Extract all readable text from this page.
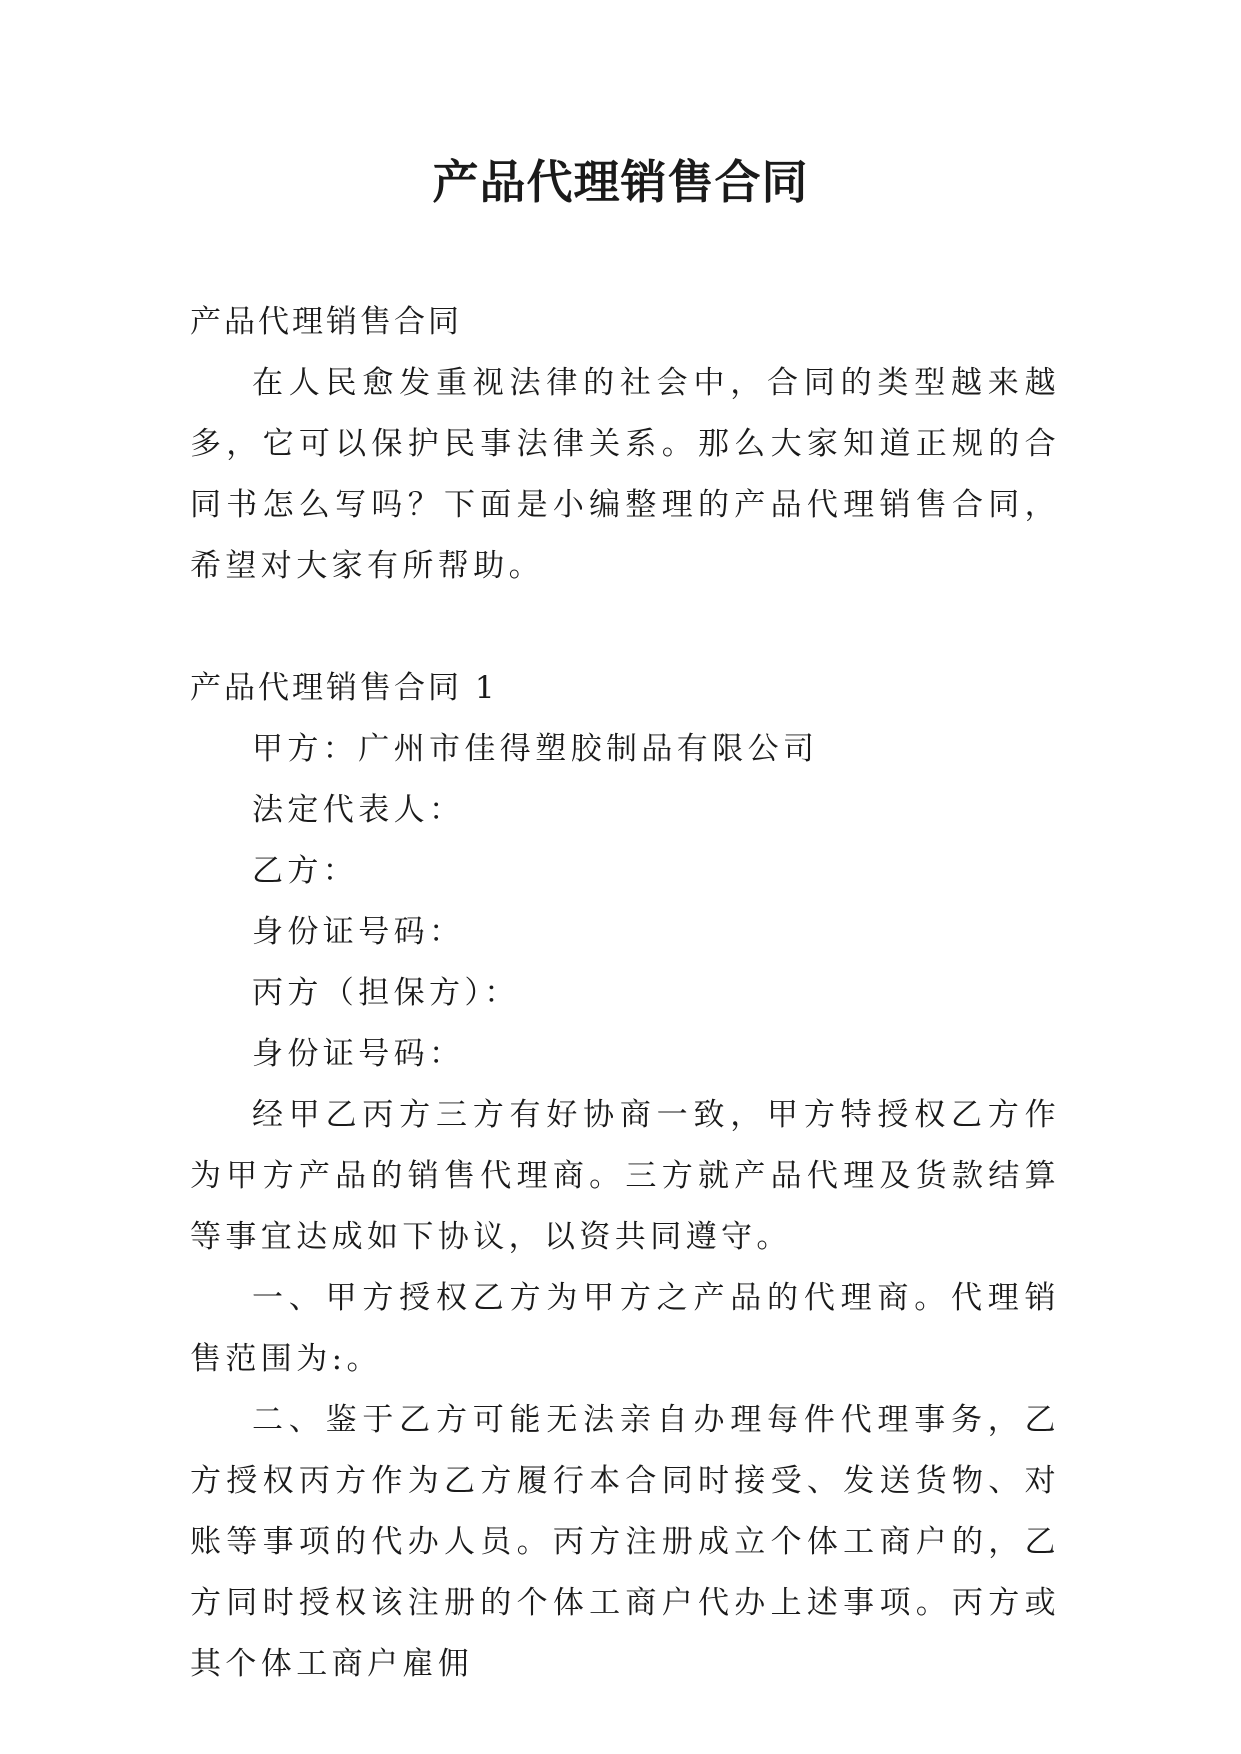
产品代理销售合同

产品代理销售合同

在人民愈发重视法律的社会中，合同的类型越来越多，它可以保护民事法律关系。那么大家知道正规的合同书怎么写吗？下面是小编整理的产品代理销售合同，希望对大家有所帮助。

产品代理销售合同 1

甲方：广州市佳得塑胶制品有限公司

法定代表人：

乙方：

身份证号码：

丙方（担保方）：

身份证号码：

经甲乙丙方三方有好协商一致，甲方特授权乙方作为甲方产品的销售代理商。三方就产品代理及货款结算等事宜达成如下协议，以资共同遵守。

一、甲方授权乙方为甲方之产品的代理商。代理销售范围为:。

二、鉴于乙方可能无法亲自办理每件代理事务，乙方授权丙方作为乙方履行本合同时接受、发送货物、对账等事项的代办人员。丙方注册成立个体工商户的，乙方同时授权该注册的个体工商户代办上述事项。丙方或其个体工商户雇佣
